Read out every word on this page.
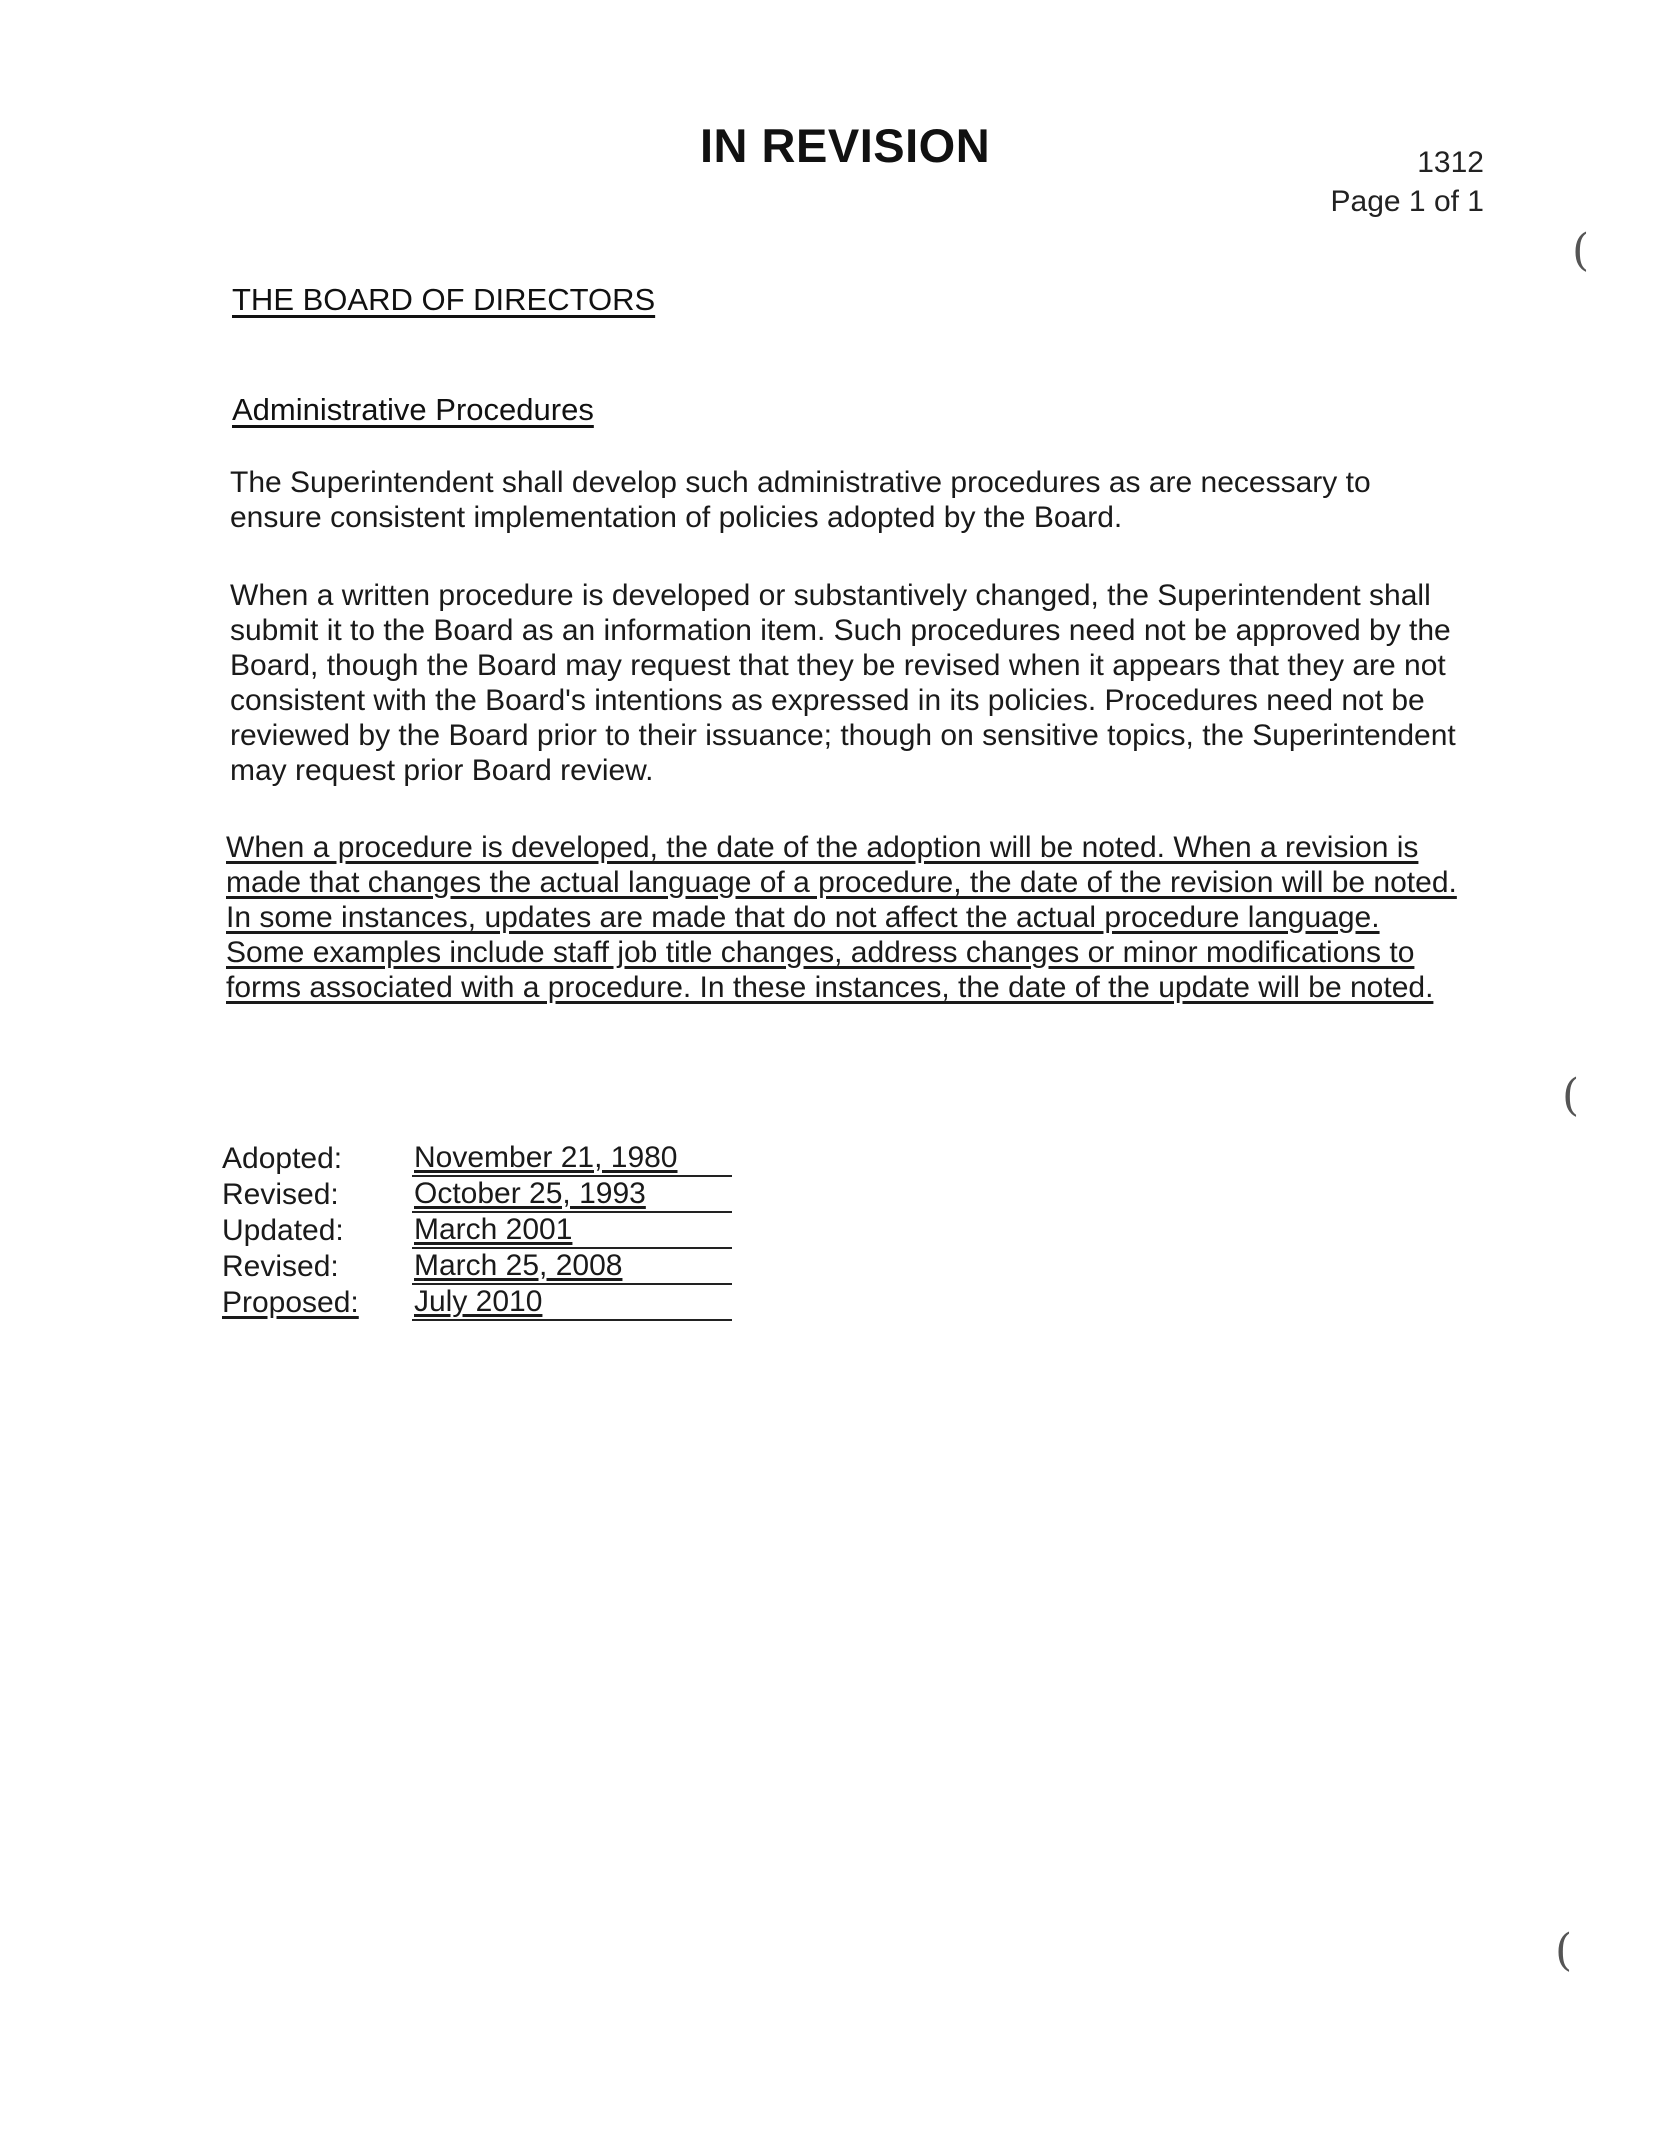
IN REVISION	1312
Page 1 of 1
THE BOARD OF DIRECTORS
Administrative Procedures
The Superintendent shall develop such administrative procedures as are necessary to ensure consistent implementation of policies adopted by the Board.
When a written procedure is developed or substantively changed, the Superintendent shall submit it to the Board as an information item. Such procedures need not be approved by the Board, though the Board may request that they be revised when it appears that they are not consistent with the Board's intentions as expressed in its policies. Procedures need not be reviewed by the Board prior to their issuance; though on sensitive topics, the Superintendent may request prior Board review.
When a procedure is developed, the date of the adoption will be noted. When a revision is made that changes the actual language of a procedure, the date of the revision will be noted. In some instances, updates are made that do not affect the actual procedure language. Some examples include staff job title changes, address changes or minor modifications to forms associated with a procedure. In these instances, the date of the update will be noted.
Adopted:	November 21, 1980
Revised:	October 25, 1993
Updated:	March 2001
Revised:	March 25, 2008
Proposed:	July 2010
(
(
(
